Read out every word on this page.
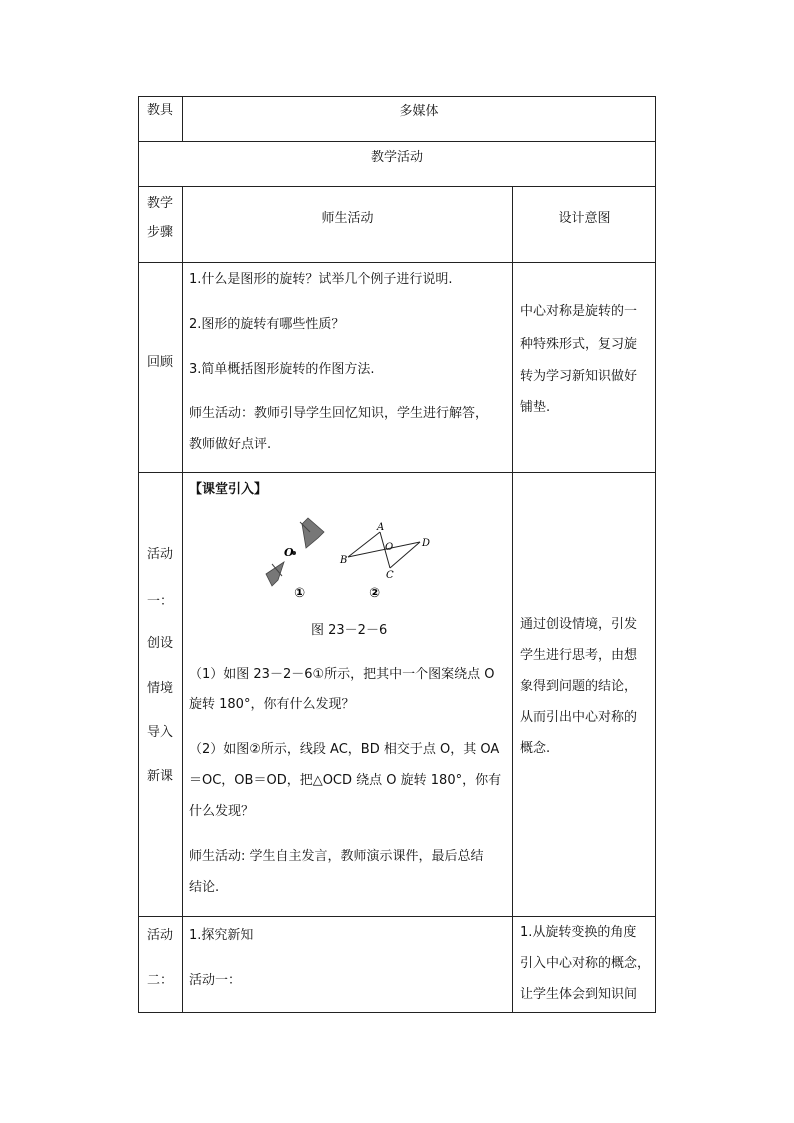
教具	多媒体
教学活动
教学
步骤
师生活动	设计意图
回顾
1.什么是图形的旋转？试举几个例子进行说明.
2.图形的旋转有哪些性质？
3.简单概括图形旋转的作图方法.
师生活动：教师引导学生回忆知识，学生进行解答，
教师做好点评.
中心对称是旋转的一
种特殊形式，复习旋
转为学习新知识做好
铺垫.
活动
一：
创设
情境
导入
新课
【课堂引入】
O
①
A
B
C
D
O
②
图 23－2－6
（1）如图 23－2－6①所示，把其中一个图案绕点 O
旋转 180°，你有什么发现？
（2）如图②所示，线段 AC，BD 相交于点 O，其 OA
＝OC，OB＝OD，把△OCD 绕点 O 旋转 180°，你有
什么发现？
师生活动: 学生自主发言，教师演示课件，最后总结
结论.
通过创设情境，引发
学生进行思考，由想
象得到问题的结论，
从而引出中心对称的
概念.
活动
二：
1.探究新知
活动一：
1.从旋转变换的角度
引入中心对称的概念，
让学生体会到知识间
